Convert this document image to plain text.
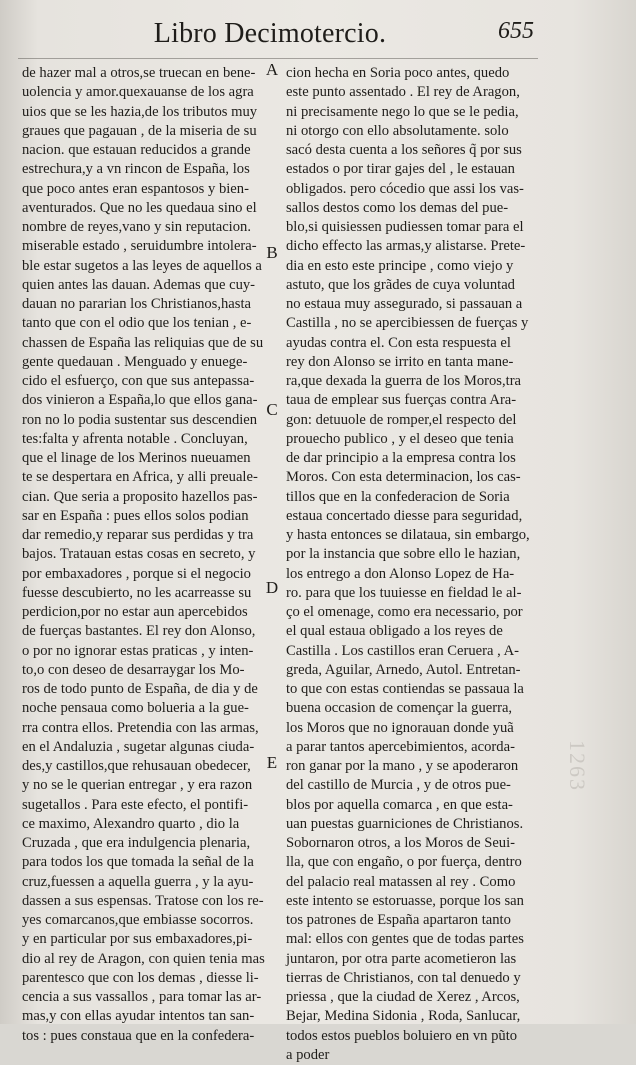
Libro Decimotercio.	655
de hazer mal a otros,se truecan en bene-
uolencia y amor.quexauanse de los agra
uios que se les hazia,de los tributos muy
graues que pagauan , de la miseria de su
nacion. que estauan reducidos a grande
estrechura,y a vn rincon de España, los
que poco antes eran espantosos y bien-
aventurados. Que no les quedaua sino el
nombre de reyes,vano y sin reputacion.
miserable estado , seruidumbre intolera-
ble estar sugetos a las leyes de aquellos a
quien antes las dauan. Ademas que cuy-
dauan no pararian los Christianos,hasta
tanto que con el odio que los tenian , e-
chassen de España las reliquias que de su
gente quedauan . Menguado y enuege-
cido el esfuerço, con que sus antepassa-
dos vinieron a España,lo que ellos gana-
ron no lo podia sustentar sus descendien
tes:falta y afrenta notable . Concluyan,
que el linage de los Merinos nueuamen
te se despertara en Africa, y alli preuale-
cian. Que seria a proposito hazellos pas-
sar en España : pues ellos solos podian
dar remedio,y reparar sus perdidas y tra
bajos. Tratauan estas cosas en secreto, y
por embaxadores , porque si el negocio
fuesse descubierto, no les acarreasse su
perdicion,por no estar aun apercebidos
de fuerças bastantes. El rey don Alonso,
o por no ignorar estas praticas , y inten-
to,o con deseo de desarraygar los Mo-
ros de todo punto de España, de dia y de
noche pensaua como bolueria a la gue-
rra contra ellos. Pretendia con las armas,
en el Andaluzia , sugetar algunas ciuda-
des,y castillos,que rehusauan obedecer,
y no se le querian entregar , y era razon
sugetallos . Para este efecto, el pontifi-
ce maximo, Alexandro quarto , dio la
Cruzada , que era indulgencia plenaria,
para todos los que tomada la señal de la
cruz,fuessen a aquella guerra , y la ayu-
dassen a sus espensas. Tratose con los re-
yes comarcanos,que embiasse socorros.
y en particular por sus embaxadores,pi-
dio al rey de Aragon, con quien tenia mas
parentesco que con los demas , diesse li-
cencia a sus vassallos , para tomar las ar-
mas,y con ellas ayudar intentos tan san-
tos : pues constaua que en la confedera-
cion hecha en Soria poco antes, quedo
este punto assentado . El rey de Aragon,
ni precisamente nego lo que se le pedia,
ni otorgo con ello absolutamente. solo
sacó desta cuenta a los señores q̃ por sus
estados o por tirar gajes del , le estauan
obligados. pero cócedio que assi los vas-
sallos destos como los demas del pue-
blo,si quisiessen pudiessen tomar para el
dicho effecto las armas,y alistarse. Prete-
dia en esto este principe , como viejo y
astuto, que los grãdes de cuya voluntad
no estaua muy assegurado, si passauan a
Castilla , no se apercibiessen de fuerças y
ayudas contra el. Con esta respuesta el
rey don Alonso se irrito en tanta mane-
ra,que dexada la guerra de los Moros,tra
taua de emplear sus fuerças contra Ara-
gon: detuuole de romper,el respecto del
prouecho publico , y el deseo que tenia
de dar principio a la empresa contra los
Moros. Con esta determinacion, los cas-
tillos que en la confederacion de Soria
estaua concertado diesse para seguridad,
y hasta entonces se dilataua, sin embargo,
por la instancia que sobre ello le hazian,
los entrego a don Alonso Lopez de Ha-
ro. para que los tuuiesse en fieldad le al-
ço el omenage, como era necessario, por
el qual estaua obligado a los reyes de
Castilla . Los castillos eran Ceruera , A-
greda, Aguilar, Arnedo, Autol. Entretan-
to que con estas contiendas se passaua la
buena occasion de començar la guerra,
los Moros que no ignorauan donde yuã
a parar tantos apercebimientos, acorda-
ron ganar por la mano , y se apoderaron
del castillo de Murcia , y de otros pue-
blos por aquella comarca , en que esta-
uan puestas guarniciones de Christianos.
Sobornaron otros, a los Moros de Seui-
lla, que con engaño, o por fuerça, dentro
del palacio real matassen al rey . Como
este intento se estoruasse, porque los san
tos patrones de España apartaron tanto
mal: ellos con gentes que de todas partes
juntaron, por otra parte acometieron las
tierras de Christianos, con tal denuedo y
priessa , que la ciudad de Xerez , Arcos,
Bejar, Medina Sidonia , Roda, Sanlucar,
todos estos pueblos boluiero en vn pũto
a poder
A
B
C
D
E	1263
